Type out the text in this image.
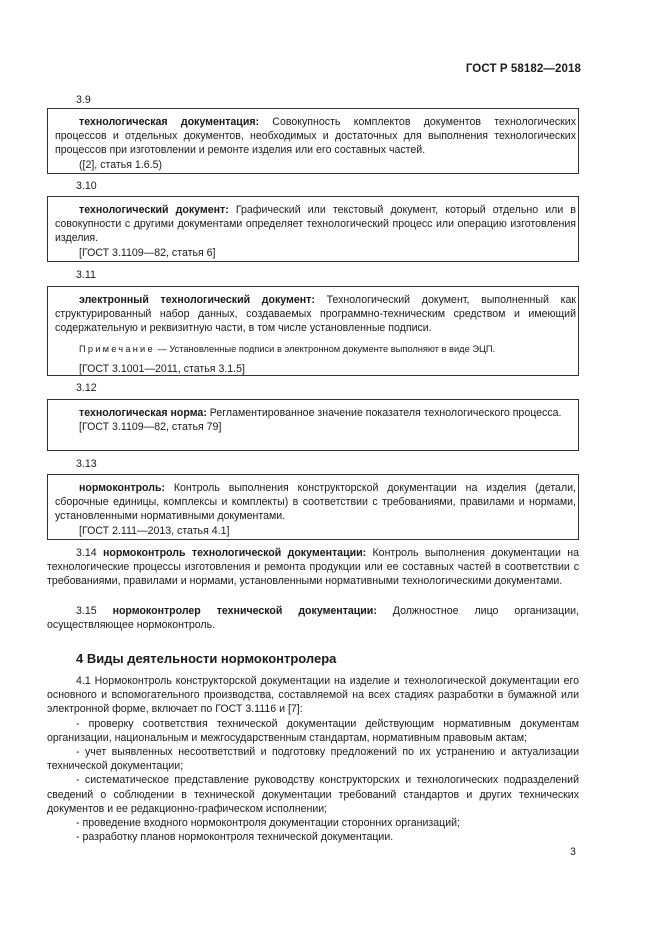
ГОСТ Р 58182—2018
3.9

технологическая документация: Совокупность комплектов документов технологических процессов и отдельных документов, необходимых и достаточных для выполнения технологических процессов при изготовлении и ремонте изделия или его составных частей.

([2], статья 1.6.5)

3.10

технологический документ: Графический или текстовый документ, который отдельно или в совокупности с другими документами определяет технологический процесс или операцию изготовления изделия.

[ГОСТ 3.1109—82, статья 6]

3.11

электронный технологический документ: Технологический документ, выполненный как структурированный набор данных, создаваемых программно-техническим средством и имеющий содержательную и реквизитную части, в том числе установленные подписи.

Примечание — Установленные подписи в электронном документе выполняют в виде ЭЦП.

[ГОСТ 3.1001—2011, статья 3.1.5]

3.12

технологическая норма: Регламентированное значение показателя технологического процесса.

[ГОСТ 3.1109—82, статья 79]

3.13

нормоконтроль: Контроль выполнения конструкторской документации на изделия (детали, сборочные единицы, комплексы и комплекты) в соответствии с требованиями, правилами и нормами, установленными нормативными документами.

[ГОСТ 2.111—2013, статья 4.1]

3.14 нормоконтроль технологической документации: Контроль выполнения документации на технологические процессы изготовления и ремонта продукции или ее составных частей в соответствии с требованиями, правилами и нормами, установленными нормативными технологическими документами.

3.15 нормоконтролер технической документации: Должностное лицо организации, осуществляющее нормоконтроль.

4 Виды деятельности нормоконтролера

4.1 Нормоконтроль конструкторской документации на изделие и технологической документации его основного и вспомогательного производства, составляемой на всех стадиях разработки в бумажной или электронной форме, включает по ГОСТ 3.1116 и [7]:

- проверку соответствия технической документации действующим нормативным документам организации, национальным и межгосударственным стандартам, нормативным правовым актам;

- учет выявленных несоответствий и подготовку предложений по их устранению и актуализации технической документации;

- систематическое представление руководству конструкторских и технологических подразделений сведений о соблюдении в технической документации требований стандартов и других технических документов и ее редакционно-графическом исполнении;

- проведение входного нормоконтроля документации сторонних организаций;

- разработку планов нормоконтроля технической документации.

3
